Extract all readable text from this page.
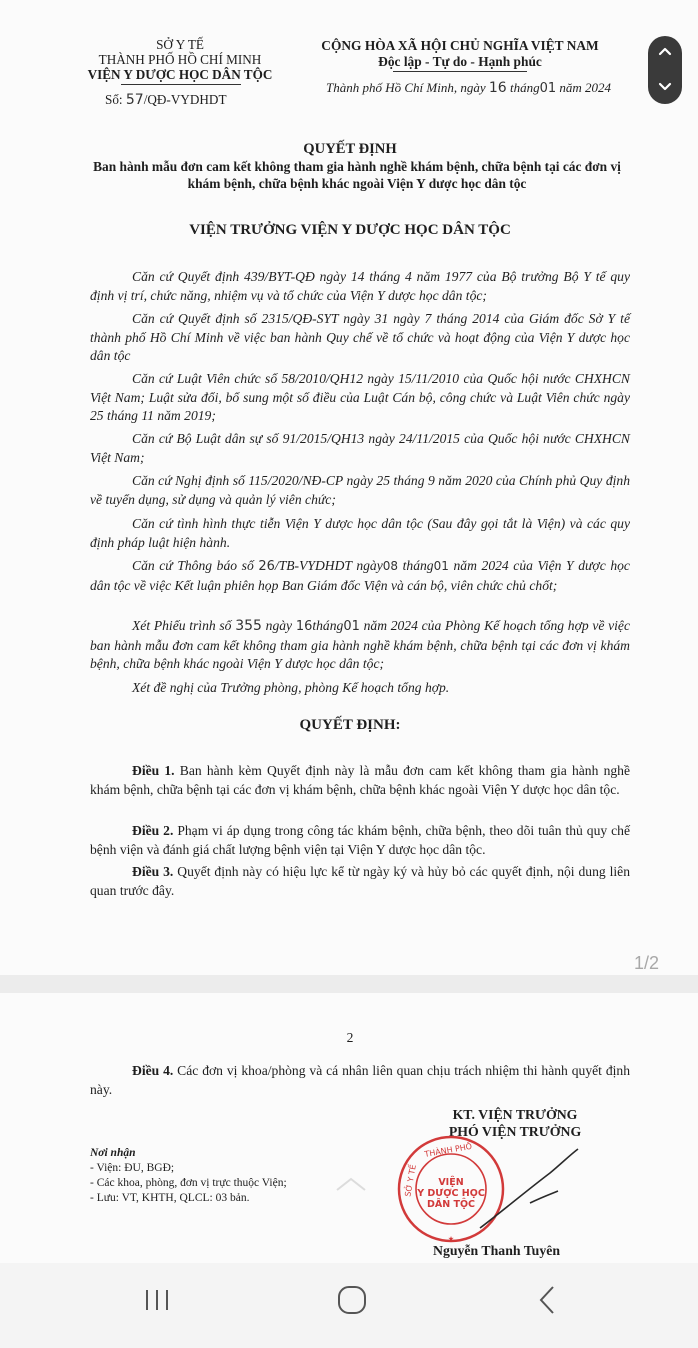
SỞ Y TẾ
THÀNH PHỐ HỒ CHÍ MINH
VIỆN Y DƯỢC HỌC DÂN TỘC
Số: 57/QĐ-VYDHDT
CỘNG HÒA XÃ HỘI CHỦ NGHĨA VIỆT NAM
Độc lập - Tự do - Hạnh phúc
Thành phố Hồ Chí Minh, ngày 16 tháng01 năm 2024
QUYẾT ĐỊNH
Ban hành mẫu đơn cam kết không tham gia hành nghề khám bệnh, chữa bệnh tại các đơn vị khám bệnh, chữa bệnh khác ngoài Viện Y dược học dân tộc
VIỆN TRƯỞNG VIỆN Y DƯỢC HỌC DÂN TỘC
Căn cứ Quyết định 439/BYT-QĐ ngày 14 tháng 4 năm 1977 của Bộ trưởng Bộ Y tế quy định vị trí, chức năng, nhiệm vụ và tổ chức của Viện Y dược học dân tộc;
Căn cứ Quyết định số 2315/QĐ-SYT ngày 31 ngày 7 tháng 2014 của Giám đốc Sở Y tế thành phố Hồ Chí Minh về việc ban hành Quy chế về tổ chức và hoạt động của Viện Y dược học dân tộc
Căn cứ Luật Viên chức số 58/2010/QH12 ngày 15/11/2010 của Quốc hội nước CHXHCN Việt Nam; Luật sửa đổi, bổ sung một số điều của Luật Cán bộ, công chức và Luật Viên chức ngày 25 tháng 11 năm 2019;
Căn cứ Bộ Luật dân sự số 91/2015/QH13 ngày 24/11/2015 của Quốc hội nước CHXHCN Việt Nam;
Căn cứ Nghị định số 115/2020/NĐ-CP ngày 25 tháng 9 năm 2020 của Chính phủ Quy định về tuyển dụng, sử dụng và quản lý viên chức;
Căn cứ tình hình thực tiễn Viện Y dược học dân tộc (Sau đây gọi tắt là Viện) và các quy định pháp luật hiện hành.
Căn cứ Thông báo số 26/TB-VYDHDT ngày08 tháng01 năm 2024 của Viện Y dược học dân tộc về việc Kết luận phiên họp Ban Giám đốc Viện và cán bộ, viên chức chủ chốt;
Xét Phiếu trình số 355 ngày 16tháng01 năm 2024 của Phòng Kế hoạch tổng hợp về việc ban hành mẫu đơn cam kết không tham gia hành nghề khám bệnh, chữa bệnh tại các đơn vị khám bệnh, chữa bệnh khác ngoài Viện Y dược học dân tộc;
Xét đề nghị của Trưởng phòng, phòng Kế hoạch tổng hợp.
QUYẾT ĐỊNH:
Điều 1. Ban hành kèm Quyết định này là mẫu đơn cam kết không tham gia hành nghề khám bệnh, chữa bệnh tại các đơn vị khám bệnh, chữa bệnh khác ngoài Viện Y dược học dân tộc.
Điều 2. Phạm vi áp dụng trong công tác khám bệnh, chữa bệnh, theo dõi tuân thủ quy chế bệnh viện và đánh giá chất lượng bệnh viện tại Viện Y dược học dân tộc.
Điều 3. Quyết định này có hiệu lực kể từ ngày ký và hủy bỏ các quyết định, nội dung liên quan trước đây.
1/2
2
Điều 4. Các đơn vị khoa/phòng và cá nhân liên quan chịu trách nhiệm thi hành quyết định này.
KT. VIỆN TRƯỞNG
PHÓ VIỆN TRƯỞNG
Nơi nhận
- Viện: ĐU, BGĐ;
- Các khoa, phòng, đơn vị trực thuộc Viện;
- Lưu: VT, KHTH, QLCL: 03 bản.
THÀNH PHỐ
SỞ Y TẾ
★
VIỆN
Y DƯỢC HỌC
DÂN TỘC
Nguyễn Thanh Tuyên
